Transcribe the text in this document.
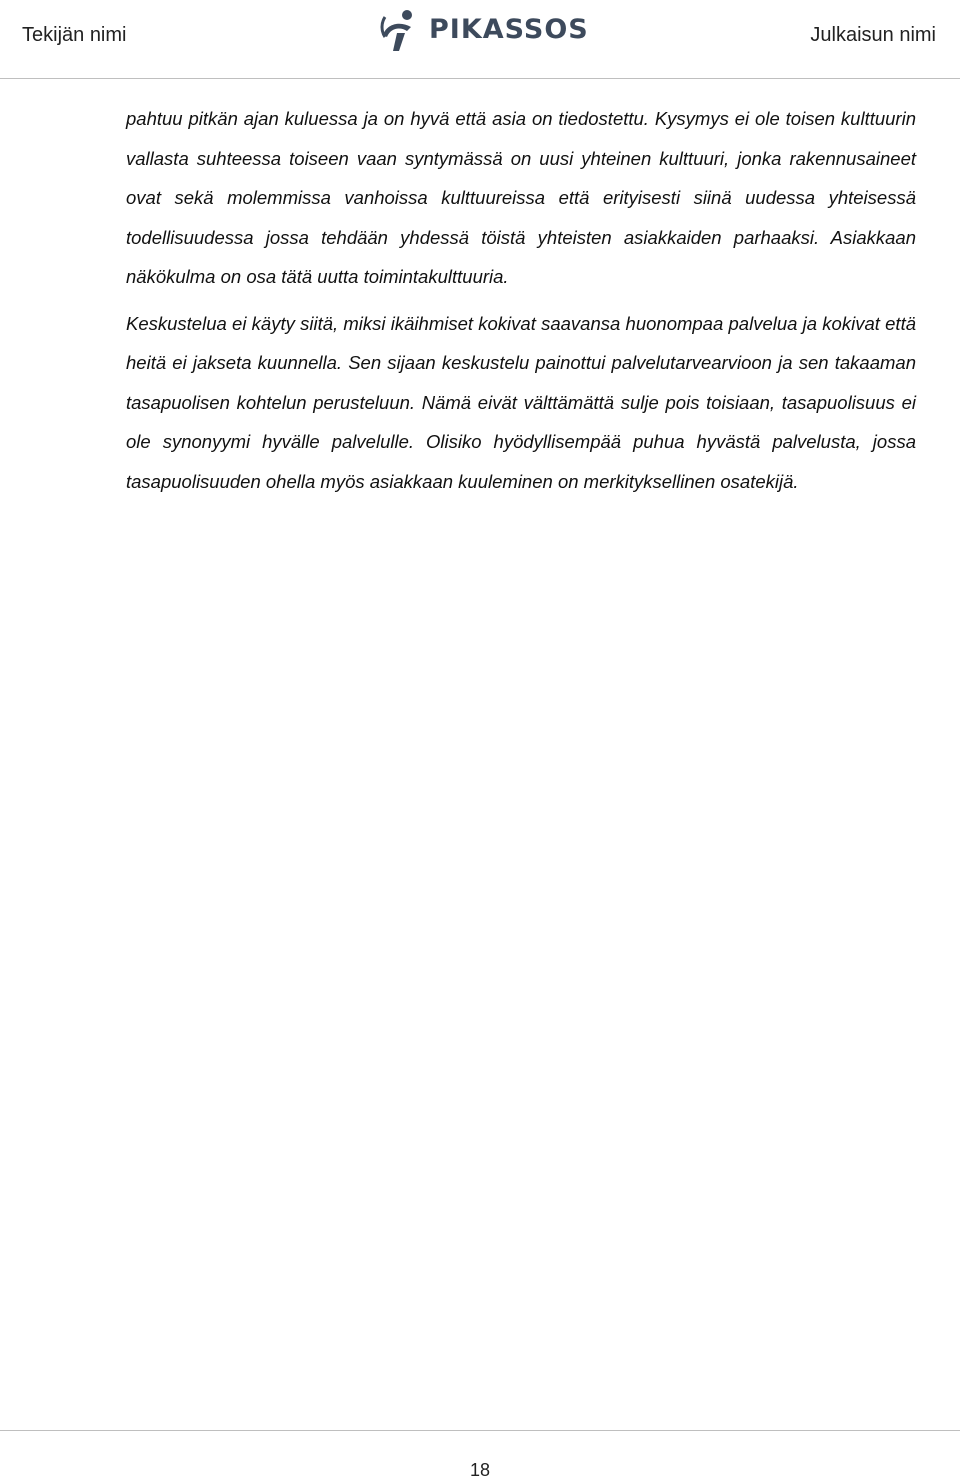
Tekijän nimi	PIKASSOS	Julkaisun nimi

pahtuu pitkän ajan kuluessa ja on hyvä että asia on tiedostettu. Kysymys ei ole toisen kulttuurin vallasta suhteessa toiseen vaan syntymässä on uusi yhteinen kulttuuri, jonka rakennusaineet ovat sekä molemmissa vanhoissa kulttuureissa että erityisesti siinä uudessa yhteisessä todellisuudessa jossa tehdään yhdessä töistä yhteisten asiakkaiden parhaaksi. Asiakkaan näkökulma on osa tätä uutta toimintakulttuuria.

Keskustelua ei käyty siitä, miksi ikäihmiset kokivat saavansa huonompaa palvelua ja kokivat että heitä ei jakseta kuunnella. Sen sijaan keskustelu painottui palvelutarvearvioon ja sen takaaman tasapuolisen kohtelun perusteluun. Nämä eivät välttämättä sulje pois toisiaan, tasapuolisuus ei ole synonyymi hyvälle palvelulle. Olisiko hyödyllisempää puhua hyvästä palvelusta, jossa tasapuolisuuden ohella myös asiakkaan kuuleminen on merkityksellinen osatekijä.

18
